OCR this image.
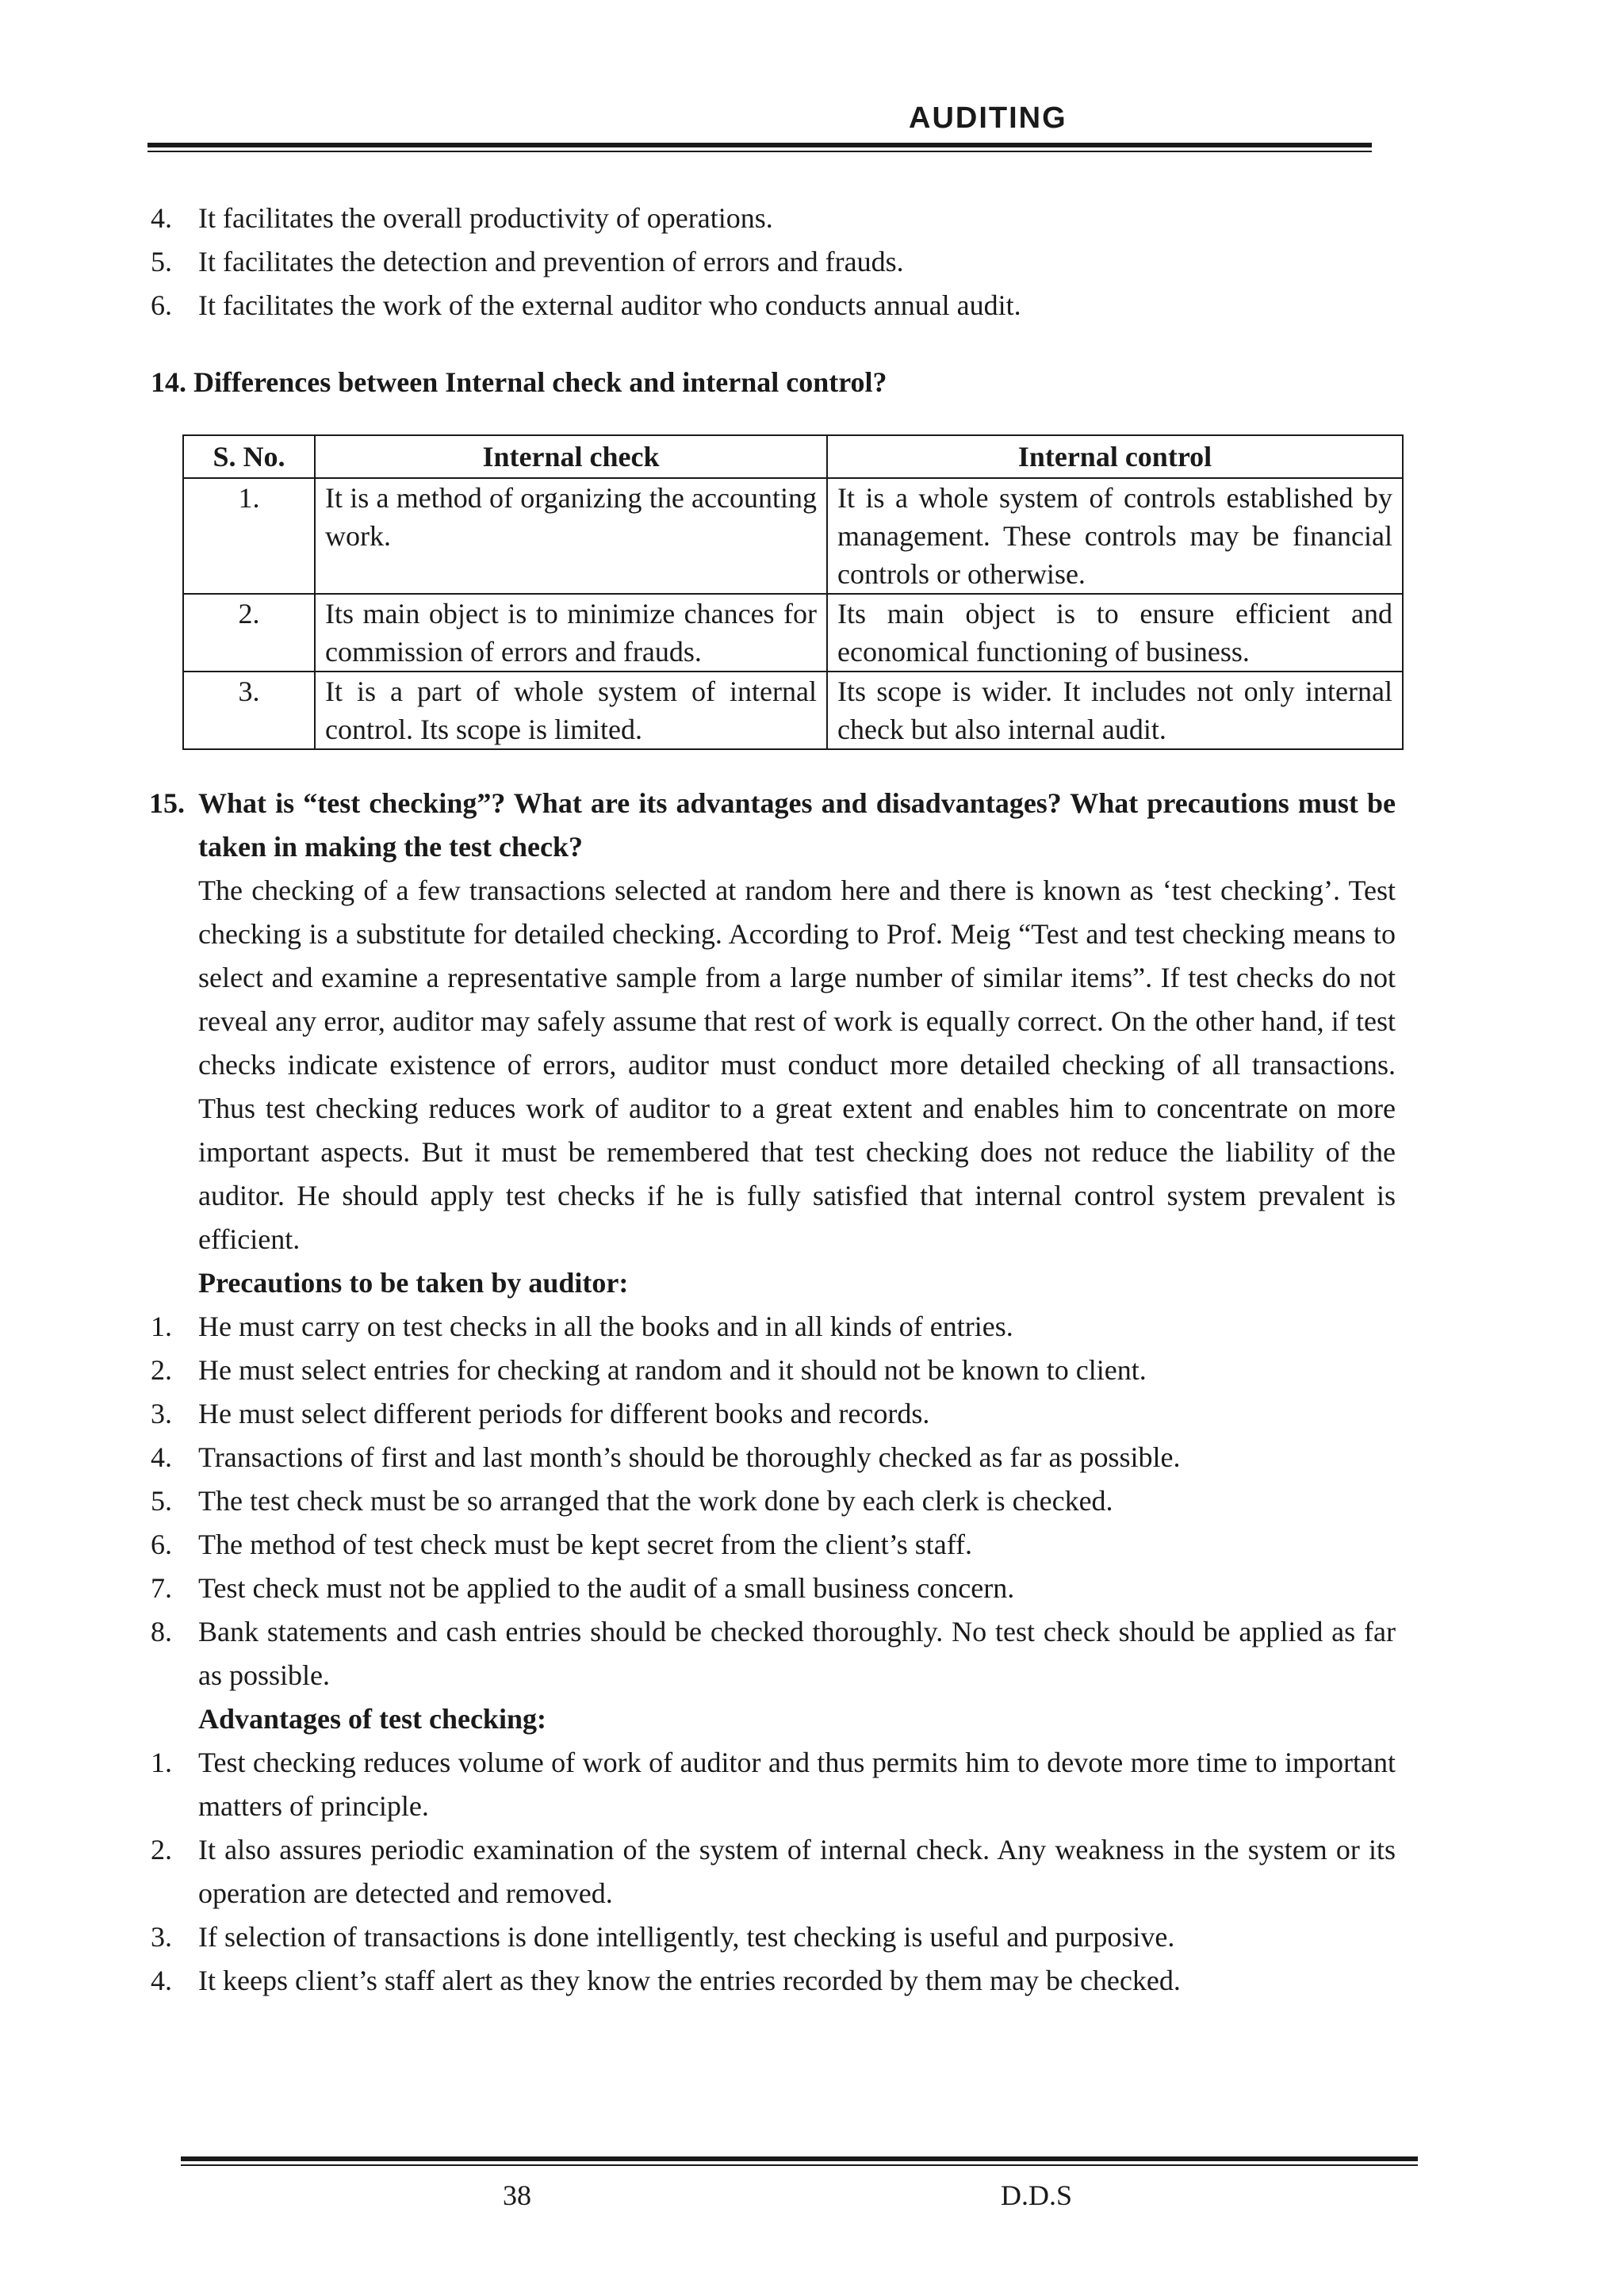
AUDITING

4. It facilitates the overall productivity of operations.

5. It facilitates the detection and prevention of errors and frauds.

6. It facilitates the work of the external auditor who conducts annual audit.

14. Differences between Internal check and internal control?

S. No.	Internal check	Internal control
1.	It is a method of organizing the accounting work.	It is a whole system of controls established by management. These controls may be financial controls or otherwise.
2.	Its main object is to minimize chances for commission of errors and frauds.	Its main object is to ensure efficient and economical functioning of business.
3.	It is a part of whole system of internal control. Its scope is limited.	Its scope is wider. It includes not only internal check but also internal audit.

15. What is “test checking”? What are its advantages and disadvantages? What precautions must be taken in making the test check?

The checking of a few transactions selected at random here and there is known as ‘test checking’. Test checking is a substitute for detailed checking. According to Prof. Meig “Test and test checking means to select and examine a representative sample from a large number of similar items”. If test checks do not reveal any error, auditor may safely assume that rest of work is equally correct. On the other hand, if test checks indicate existence of errors, auditor must conduct more detailed checking of all transactions. Thus test checking reduces work of auditor to a great extent and enables him to concentrate on more important aspects. But it must be remembered that test checking does not reduce the liability of the auditor. He should apply test checks if he is fully satisfied that internal control system prevalent is efficient.

Precautions to be taken by auditor:

1. He must carry on test checks in all the books and in all kinds of entries.

2. He must select entries for checking at random and it should not be known to client.

3. He must select different periods for different books and records.

4. Transactions of first and last month’s should be thoroughly checked as far as possible.

5. The test check must be so arranged that the work done by each clerk is checked.

6. The method of test check must be kept secret from the client’s staff.

7. Test check must not be applied to the audit of a small business concern.

8. Bank statements and cash entries should be checked thoroughly. No test check should be applied as far as possible.

Advantages of test checking:

1. Test checking reduces volume of work of auditor and thus permits him to devote more time to important matters of principle.

2. It also assures periodic examination of the system of internal check. Any weakness in the system or its operation are detected and removed.

3. If selection of transactions is done intelligently, test checking is useful and purposive.

4. It keeps client’s staff alert as they know the entries recorded by them may be checked.

38	D.D.S
